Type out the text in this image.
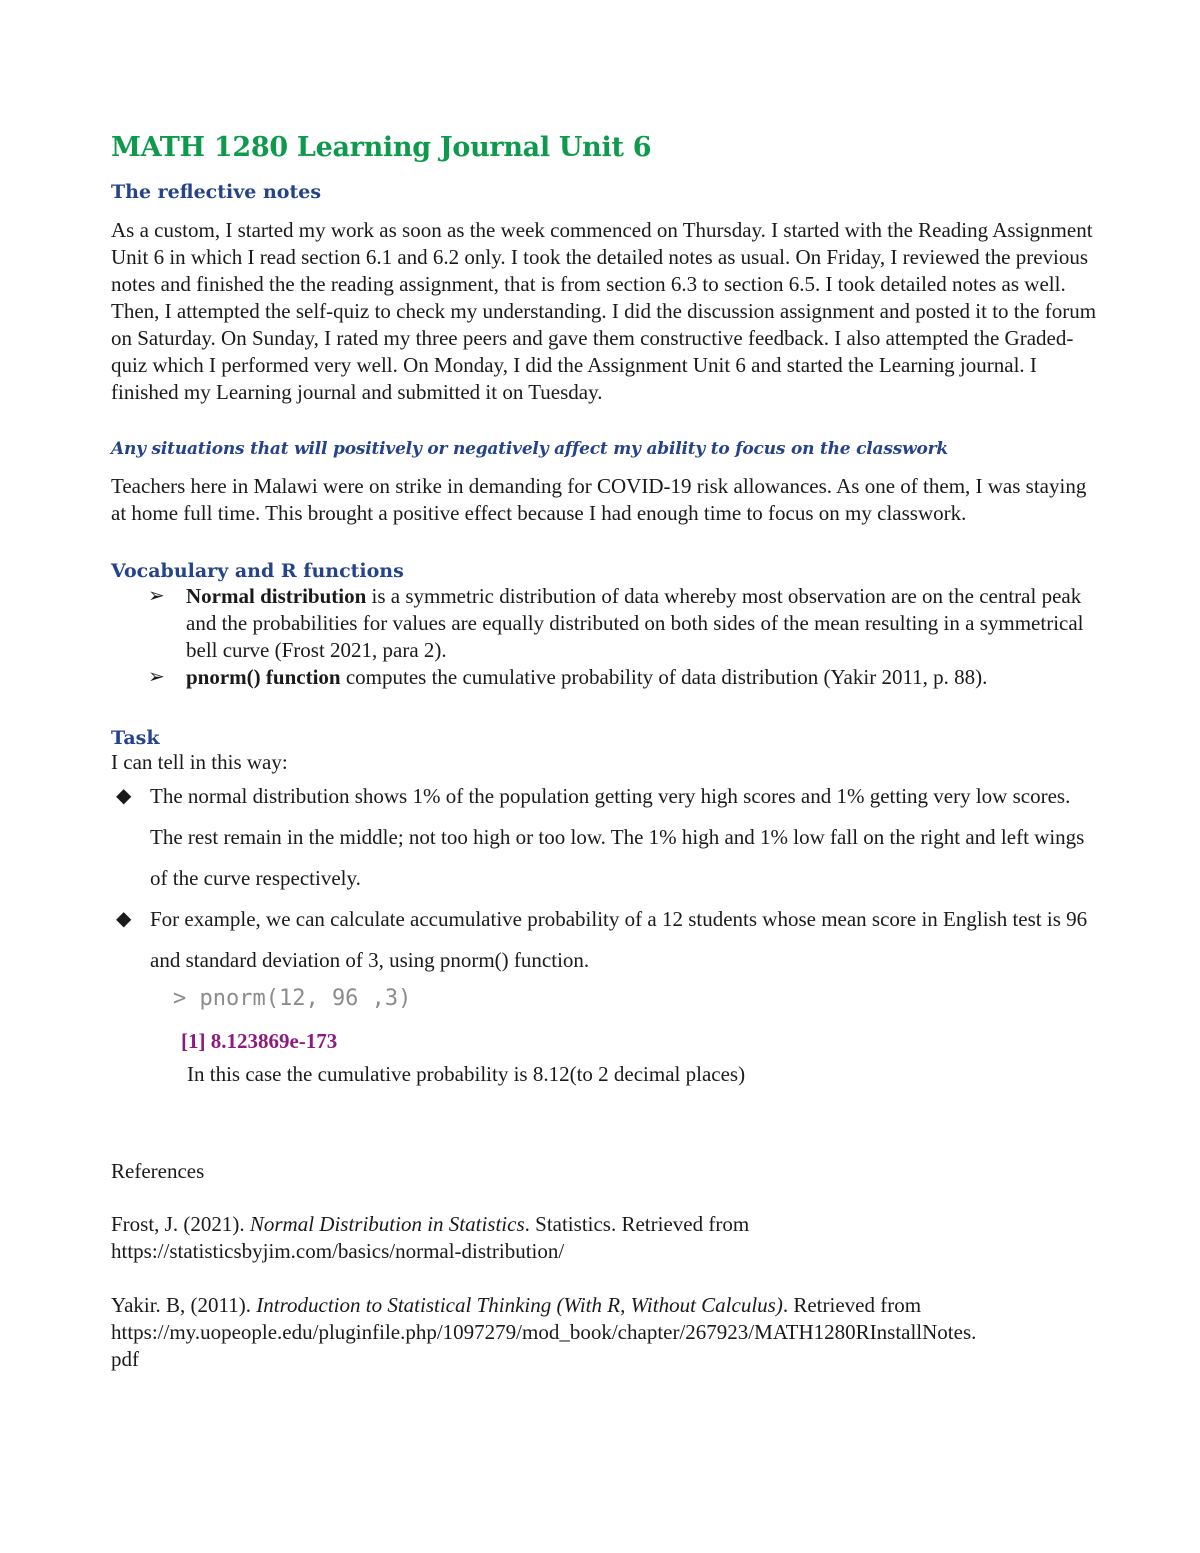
MATH 1280 Learning Journal Unit 6
The reflective notes

As a custom, I started my work as soon as the week commenced on Thursday. I started with the Reading Assignment Unit 6 in which I read section 6.1 and 6.2 only. I took the detailed notes as usual. On Friday, I reviewed the previous notes and finished the the reading assignment, that is from section 6.3 to section 6.5. I took detailed notes as well. Then, I attempted the self-quiz to check my understanding. I did the discussion assignment and posted it to the forum on Saturday. On Sunday, I rated my three peers and gave them constructive feedback. I also attempted the Graded-quiz which I performed very well. On Monday, I did the Assignment Unit 6 and started the Learning journal. I finished my Learning journal and submitted it on Tuesday.

Any situations that will positively or negatively affect my ability to focus on the classwork

Teachers here in Malawi were on strike in demanding for COVID-19 risk allowances. As one of them, I was staying at home full time. This brought a positive effect because I had enough time to focus on my classwork.

Vocabulary and R functions
➢ Normal distribution is a symmetric distribution of data whereby most observation are on the central peak and the probabilities for values are equally distributed on both sides of the mean resulting in a symmetrical bell curve (Frost 2021, para 2).
➢ pnorm() function computes the cumulative probability of data distribution (Yakir 2011, p. 88).
Task

I can tell in this way:

◆ The normal distribution shows 1% of the population getting very high scores and 1% getting very low scores. The rest remain in the middle; not too high or too low. The 1% high and 1% low fall on the right and left wings of the curve respectively.
◆ For example, we can calculate accumulative probability of a 12 students whose mean score in English test is 96 and standard deviation of 3, using pnorm() function.

> pnorm(12, 96 ,3)

[1] 8.123869e-173

In this case the cumulative probability is 8.12(to 2 decimal places)

References

Frost, J. (2021). Normal Distribution in Statistics. Statistics. Retrieved from
https://statisticsbyjim.com/basics/normal-distribution/

Yakir. B, (2011). Introduction to Statistical Thinking (With R, Without Calculus). Retrieved from
https://my.uopeople.edu/pluginfile.php/1097279/mod_book/chapter/267923/MATH1280RInstallNotes.
pdf
